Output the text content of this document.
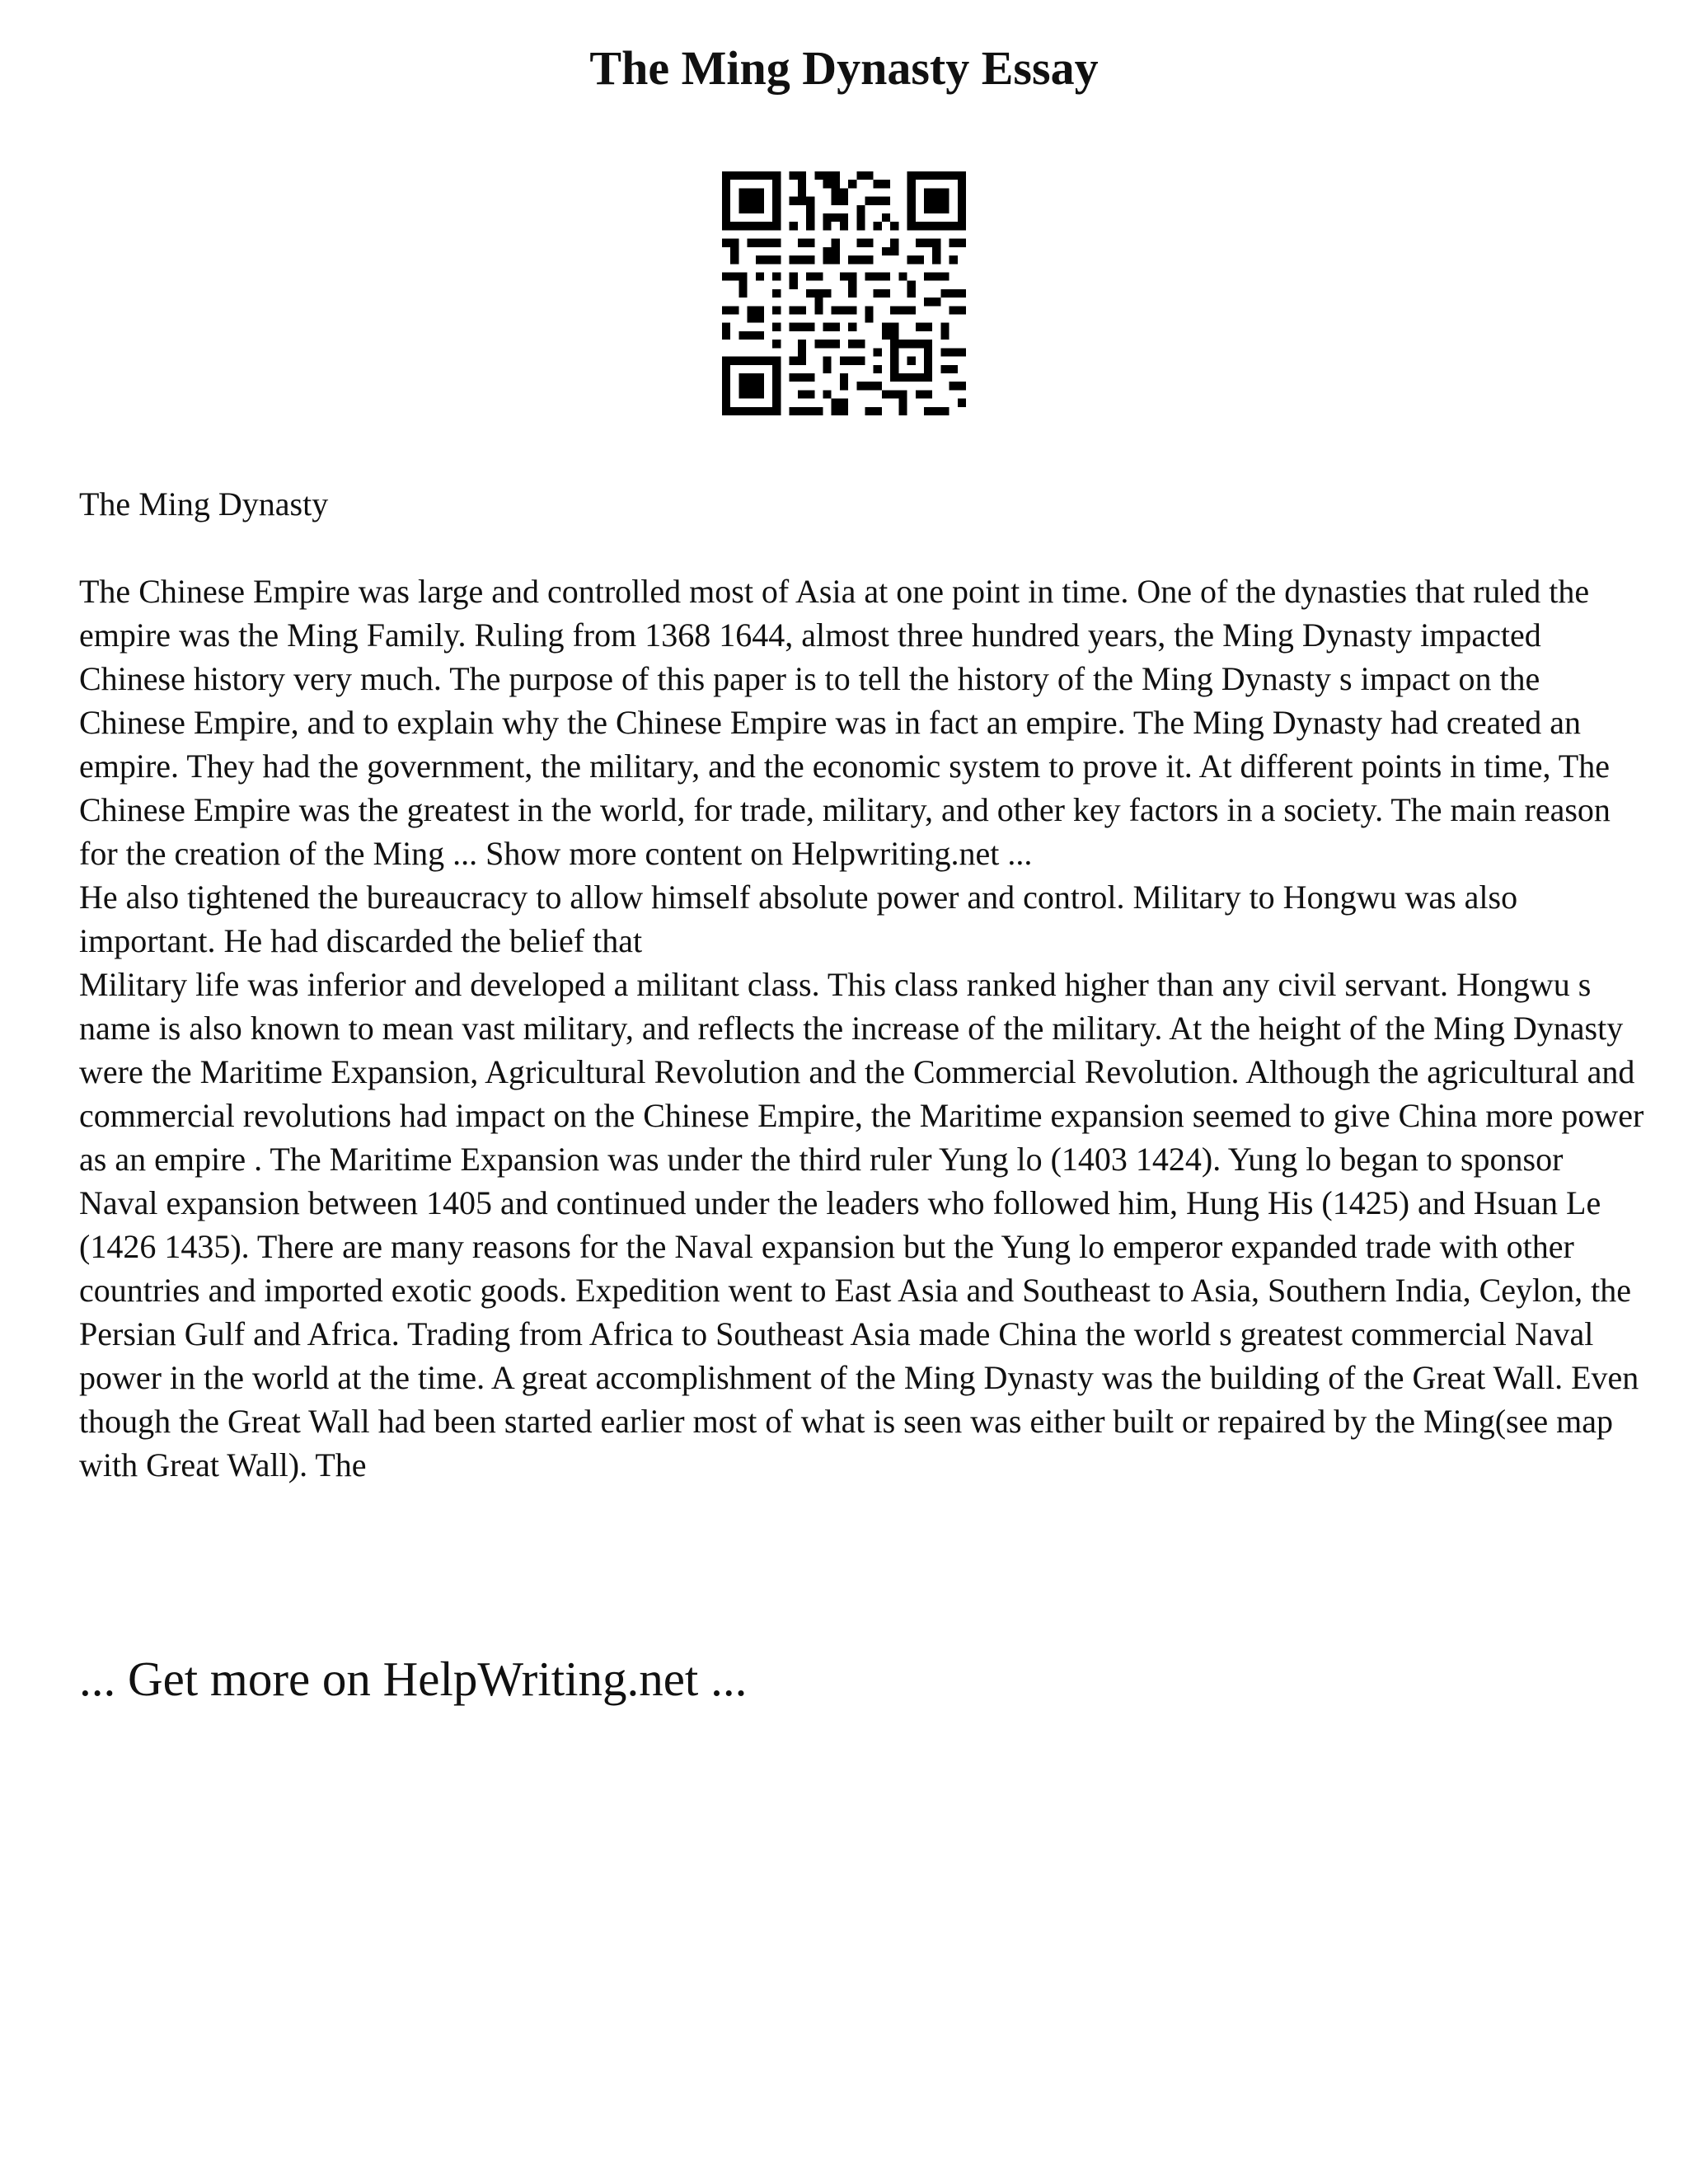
The Ming Dynasty Essay

The Ming Dynasty

The Chinese Empire was large and controlled most of Asia at one point in time. One of the dynasties that ruled the empire was the Ming Family. Ruling from 1368 1644, almost three hundred years, the Ming Dynasty impacted Chinese history very much. The purpose of this paper is to tell the history of the Ming Dynasty s impact on the Chinese Empire, and to explain why the Chinese Empire was in fact an empire. The Ming Dynasty had created an empire. They had the government, the military, and the economic system to prove it. At different points in time, The Chinese Empire was the greatest in the world, for trade, military, and other key factors in a society. The main reason for the creation of the Ming ... Show more content on Helpwriting.net ...

He also tightened the bureaucracy to allow himself absolute power and control. Military to Hongwu was also important. He had discarded the belief that

Military life was inferior and developed a militant class. This class ranked higher than any civil servant. Hongwu s name is also known to mean vast military, and reflects the increase of the military. At the height of the Ming Dynasty were the Maritime Expansion, Agricultural Revolution and the Commercial Revolution. Although the agricultural and commercial revolutions had impact on the Chinese Empire, the Maritime expansion seemed to give China more power as an empire . The Maritime Expansion was under the third ruler Yung lo (1403 1424). Yung lo began to sponsor Naval expansion between 1405 and continued under the leaders who followed him, Hung His (1425) and Hsuan Le (1426 1435). There are many reasons for the Naval expansion but the Yung lo emperor expanded trade with other countries and imported exotic goods. Expedition went to East Asia and Southeast to Asia, Southern India, Ceylon, the Persian Gulf and Africa. Trading from Africa to Southeast Asia made China the world s greatest commercial Naval power in the world at the time. A great accomplishment of the Ming Dynasty was the building of the Great Wall. Even though the Great Wall had been started earlier most of what is seen was either built or repaired by the Ming(see map with Great Wall). The

... Get more on HelpWriting.net ...
